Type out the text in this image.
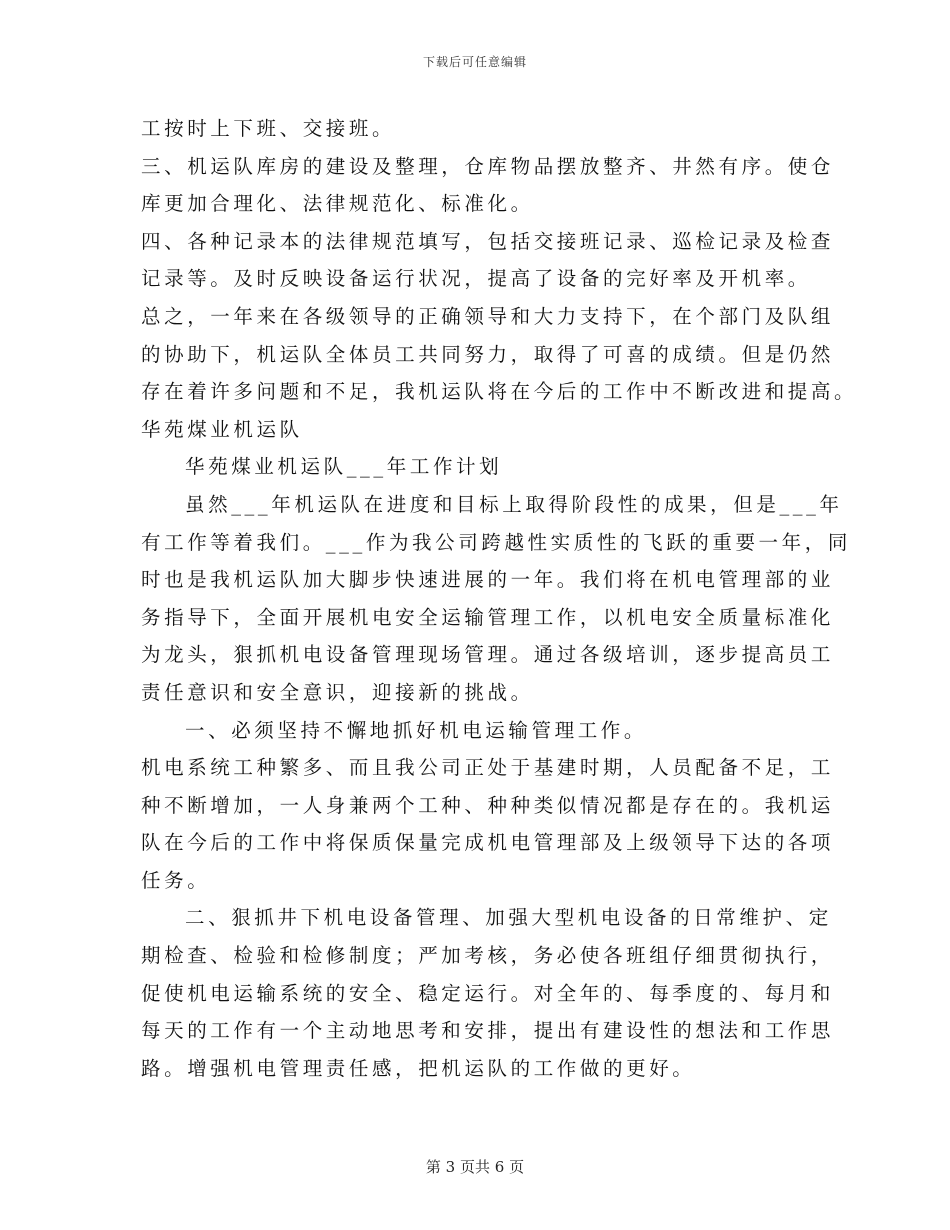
下载后可任意编辑
工按时上下班、交接班。
三、机运队库房的建设及整理，仓库物品摆放整齐、井然有序。使仓
库更加合理化、法律规范化、标准化。
四、各种记录本的法律规范填写，包括交接班记录、巡检记录及检查
记录等。及时反映设备运行状况，提高了设备的完好率及开机率。
总之，一年来在各级领导的正确领导和大力支持下，在个部门及队组
的协助下，机运队全体员工共同努力，取得了可喜的成绩。但是仍然
存在着许多问题和不足，我机运队将在今后的工作中不断改进和提高。
华苑煤业机运队
华苑煤业机运队___年工作计划
虽然___年机运队在进度和目标上取得阶段性的成果，但是___年
有工作等着我们。___作为我公司跨越性实质性的飞跃的重要一年，同
时也是我机运队加大脚步快速进展的一年。我们将在机电管理部的业
务指导下，全面开展机电安全运输管理工作，以机电安全质量标准化
为龙头，狠抓机电设备管理现场管理。通过各级培训，逐步提高员工
责任意识和安全意识，迎接新的挑战。
一、必须坚持不懈地抓好机电运输管理工作。
机电系统工种繁多、而且我公司正处于基建时期，人员配备不足，工
种不断增加，一人身兼两个工种、种种类似情况都是存在的。我机运
队在今后的工作中将保质保量完成机电管理部及上级领导下达的各项
任务。
二、狠抓井下机电设备管理、加强大型机电设备的日常维护、定
期检查、检验和检修制度；严加考核，务必使各班组仔细贯彻执行，
促使机电运输系统的安全、稳定运行。对全年的、每季度的、每月和
每天的工作有一个主动地思考和安排，提出有建设性的想法和工作思
路。增强机电管理责任感，把机运队的工作做的更好。
第 3 页共 6 页
